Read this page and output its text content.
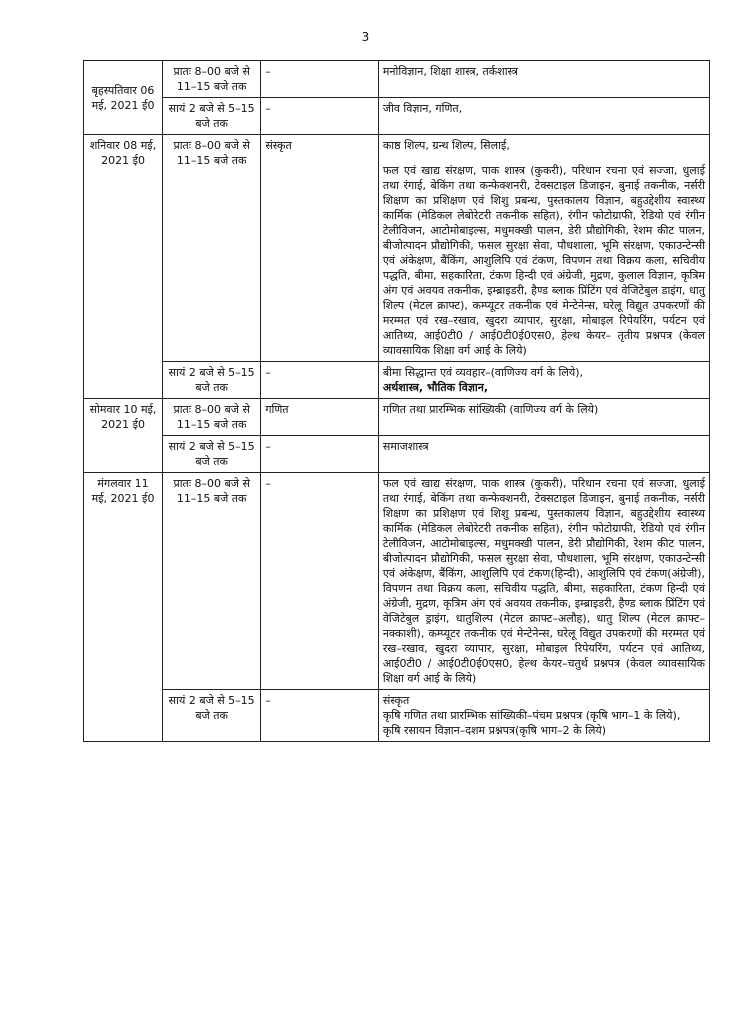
3
बृहस्पतिवार 06 मई, 2021 ई0	प्रातः 8–00 बजे से 11–15 बजे तक	–	मनोविज्ञान, शिक्षा शास्त्र, तर्कशास्त्र
	सायं 2 बजे से 5–15 बजे तक	–	जीव विज्ञान, गणित,
शनिवार 08 मई, 2021 ई0	प्रातः 8–00 बजे से 11–15 बजे तक	संस्कृत	काष्ठ शिल्प, ग्रन्थ शिल्प, सिलाई,
फल एवं खाद्य संरक्षण, पाक शास्त्र (कुकरी), परिधान रचना एवं सज्जा, धुलाई तथा रंगाई, बेकिंग तथा कन्फेक्शनरी, टेक्सटाइल डिजाइन, बुनाई तकनीक, नर्सरी शिक्षण का प्रशिक्षण एवं शिशु प्रबन्ध, पुस्तकालय विज्ञान, बहुउद्देशीय स्वास्थ्य कार्मिक (मेडिकल लेबोरेटरी तकनीक सहित), रंगीन फोटोग्राफी, रेडियो एवं रंगीन टेलीविजन, आटोमोबाइल्स, मधुमक्खी पालन, डेरी प्रौद्योगिकी, रेशम कीट पालन, बीजोत्पादन प्रौद्योगिकी, फसल सुरक्षा सेवा, पौधशाला, भूमि संरक्षण, एकाउन्टेन्सी एवं अंकेक्षण, बैंकिंग, आशुलिपि एवं टंकण, विपणन तथा विक्रय कला, सचिवीय पद्धति, बीमा, सहकारिता, टंकण हिन्दी एवं अंग्रेजी, मुद्रण, कुलाल विज्ञान, कृत्रिम अंग एवं अवयव तकनीक, इम्ब्राइडरी, हैण्ड ब्लाक प्रिंटिंग एवं वेजिटेबुल डाइंग, धातु शिल्प (मेटल क्राफ्ट), कम्प्यूटर तकनीक एवं मेन्टेनेन्स, घरेलू विद्युत उपकरणों की मरम्मत एवं रख–रखाव, खुदरा व्यापार, सुरक्षा, मोबाइल रिपेयरिंग, पर्यटन एवं आतिथ्य, आई0टी0 / आई0टी0ई0एस0, हेल्थ केयर– तृतीय प्रश्नपत्र (केवल व्यावसायिक शिक्षा वर्ग आई के लिये)

	सायं 2 बजे से 5–15 बजे तक	–	बीमा सिद्धान्त एवं व्यवहार–(वाणिज्य वर्ग के लिये),
अर्थशास्त्र, भौतिक विज्ञान,

सोमवार 10 मई, 2021 ई0	प्रातः 8–00 बजे से 11–15 बजे तक	गणित	गणित तथा प्रारम्भिक सांख्यिकी (वाणिज्य वर्ग के लिये)
	सायं 2 बजे से 5–15 बजे तक	–	समाजशास्त्र
मंगलवार 11 मई, 2021 ई0	प्रातः 8–00 बजे से 11–15 बजे तक	–	फल एवं खाद्य संरक्षण, पाक शास्त्र (कुकरी), परिधान रचना एवं सज्जा, धुलाई तथा रंगाई, बेकिंग तथा कन्फेक्शनरी, टेक्सटाइल डिजाइन, बुनाई तकनीक, नर्सरी शिक्षण का प्रशिक्षण एवं शिशु प्रबन्ध, पुस्तकालय विज्ञान, बहुउद्देशीय स्वास्थ्य कार्मिक (मेडिकल लेबोरेटरी तकनीक सहित), रंगीन फोटोग्राफी, रेडियो एवं रंगीन टेलीविजन, आटोमोबाइल्स, मधुमक्खी पालन, डेरी प्रौद्योगिकी, रेशम कीट पालन, बीजोत्पादन प्रौद्योगिकी, फसल सुरक्षा सेवा, पौधशाला, भूमि संरक्षण, एकाउन्टेन्सी एवं अंकेक्षण, बैंकिंग, आशुलिपि एवं टंकण(हिन्दी), आशुलिपि एवं टंकण(अंग्रेजी), विपणन तथा विक्रय कला, सचिवीय पद्धति, बीमा, सहकारिता, टंकण हिन्दी एवं अंग्रेजी, मुद्रण, कृत्रिम अंग एवं अवयव तकनीक, इम्ब्राइडरी, हैण्ड ब्लाक प्रिंटिंग एवं वेजिटेबुल ड्राइंग, धातुशिल्प (मेटल क्राफ्ट–अलौह), धातु शिल्प (मेटल क्राफ्ट–नक्काशी), कम्प्यूटर तकनीक एवं मेन्टेनेन्स, घरेलू विद्युत उपकरणों की मरम्मत एवं रख–रखाव, खुदरा व्यापार, सुरक्षा, मोबाइल रिपेयरिंग, पर्यटन एवं आतिथ्य, आई0टी0 / आई0टी0ई0एस0, हेल्थ केयर–चतुर्थ प्रश्नपत्र (केवल व्यावसायिक शिक्षा वर्ग आई के लिये)
	सायं 2 बजे से 5–15 बजे तक	–	संस्कृत
कृषि गणित तथा प्रारम्भिक सांख्यिकी–पंचम प्रश्नपत्र (कृषि भाग–1 के लिये),
कृषि रसायन विज्ञान–दशम प्रश्नपत्र(कृषि भाग–2 के लिये)
